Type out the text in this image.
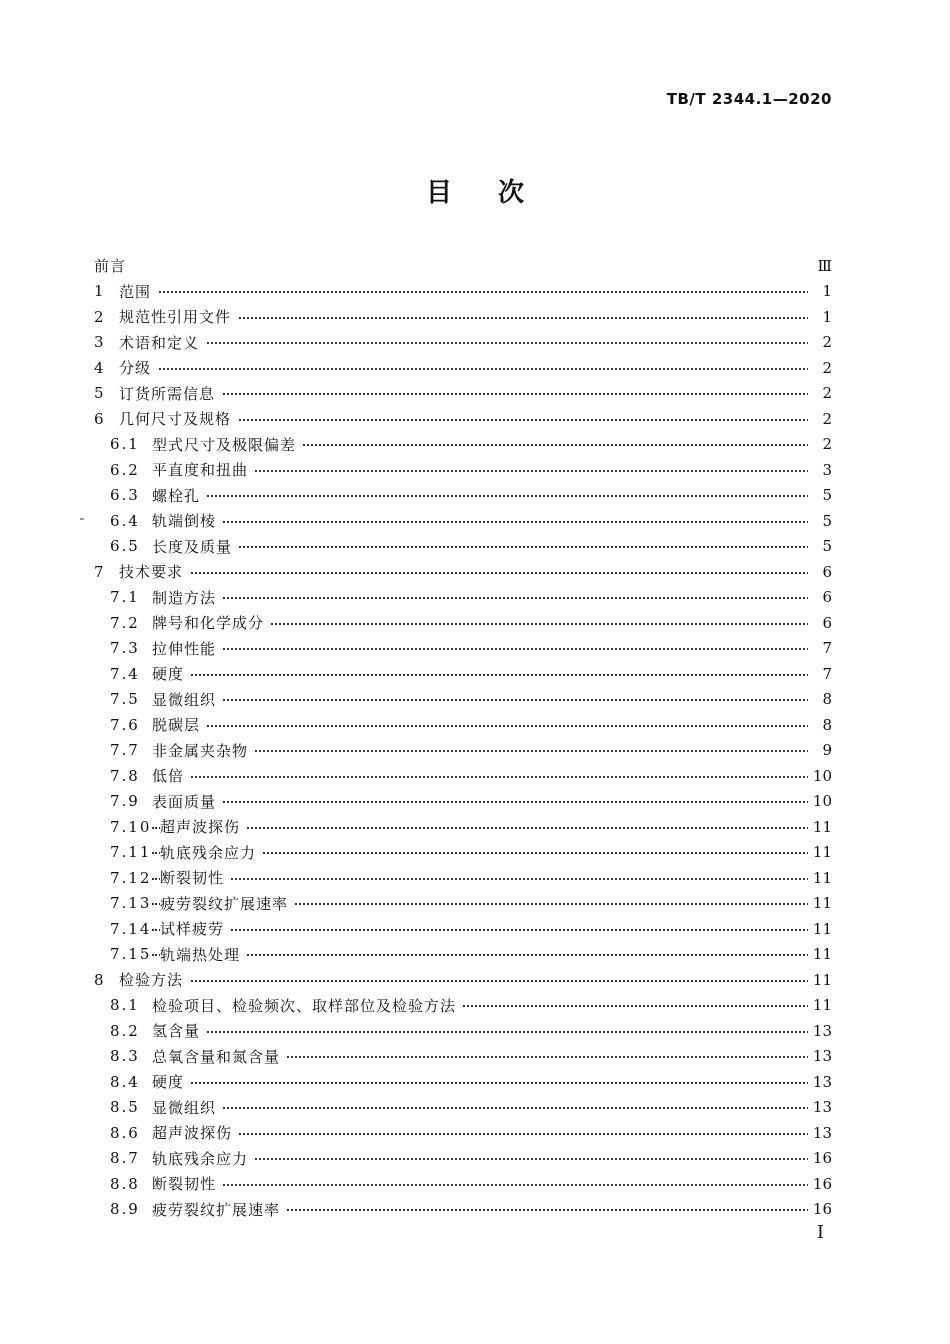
TB/T 2344.1—2020
目次
前言	Ⅲ
1 范围	1
2 规范性引用文件	1
3 术语和定义	2
4 分级	2
5 订货所需信息	2
6 几何尺寸及规格	2
6.1 型式尺寸及极限偏差	2
6.2 平直度和扭曲	3
6.3 螺栓孔	5
6.4 轨端倒棱	5
6.5 长度及质量	5
7 技术要求	6
7.1 制造方法	6
7.2 牌号和化学成分	6
7.3 拉伸性能	7
7.4 硬度	7
7.5 显微组织	8
7.6 脱碳层	8
7.7 非金属夹杂物	9
7.8 低倍	10
7.9 表面质量	10
7.10 超声波探伤	11
7.11 轨底残余应力	11
7.12 断裂韧性	11
7.13 疲劳裂纹扩展速率	11
7.14 试样疲劳	11
7.15 轨端热处理	11
8 检验方法	11
8.1 检验项目、检验频次、取样部位及检验方法	11
8.2 氢含量	13
8.3 总氧含量和氮含量	13
8.4 硬度	13
8.5 显微组织	13
8.6 超声波探伤	13
8.7 轨底残余应力	16
8.8 断裂韧性	16
8.9 疲劳裂纹扩展速率	16
Ⅰ
